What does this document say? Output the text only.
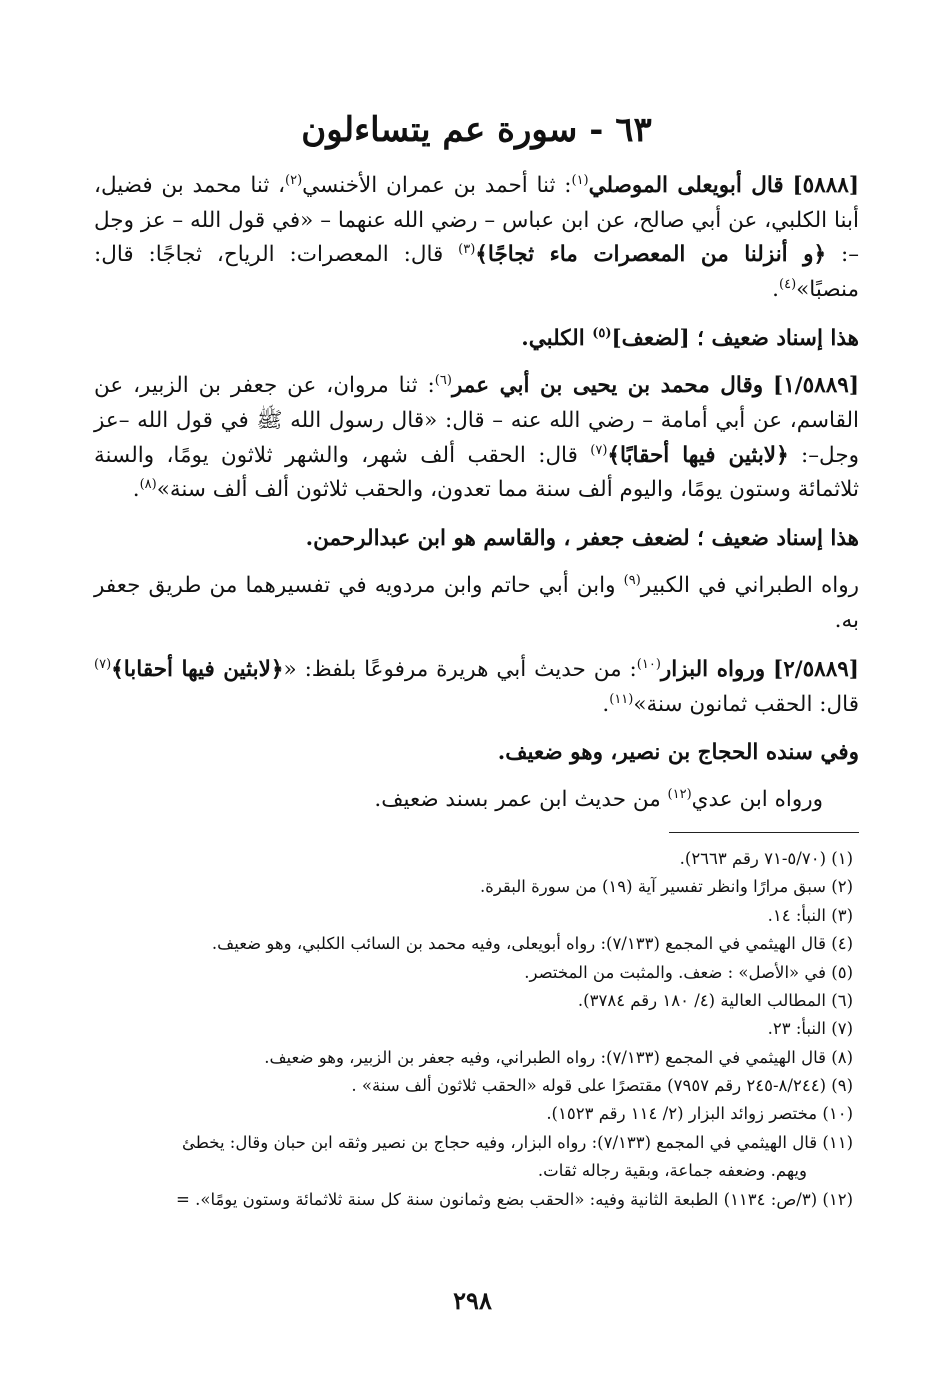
٦٣ - سورة عم يتساءلون

[٥٨٨٨] قال أبويعلى الموصلي$^{(١)}$: ثنا أحمد بن عمران الأخنسي$^{(٢)}$، ثنا محمد بن فضيل، أبنا الكلبي، عن أبي صالح، عن ابن عباس – رضي الله عنهما – «في قول الله – عز وجل –: ﴿و أنزلنا من المعصرات ماء ثجاجًا﴾$^{(٣)}$ قال: المعصرات: الرياح، ثجاجًا: قال: منصبًا»$^{(٤)}$.

هذا إسناد ضعيف ؛ [لضعف]$^{(٥)}$ الكلبي.

[١/٥٨٨٩] وقال محمد بن يحيى بن أبي عمر$^{(٦)}$: ثنا مروان، عن جعفر بن الزبير، عن القاسم، عن أبي أمامة – رضي الله عنه – قال: «قال رسول الله ﷺ في قول الله –عز وجل–: ﴿لابثين فيها أحقابًا﴾$^{(٧)}$ قال: الحقب ألف شهر، والشهر ثلاثون يومًا، والسنة ثلاثمائة وستون يومًا، واليوم ألف سنة مما تعدون، والحقب ثلاثون ألف ألف سنة»$^{(٨)}$.

هذا إسناد ضعيف ؛ لضعف جعفر ، والقاسم هو ابن عبدالرحمن.

رواه الطبراني في الكبير$^{(٩)}$ وابن أبي حاتم وابن مردويه في تفسيرهما من طريق جعفر به.

[٢/٥٨٨٩] ورواه البزار$^{(١٠)}$: من حديث أبي هريرة مرفوعًا بلفظ: «﴿لابثين فيها أحقابا﴾$^{(٧)}$ قال: الحقب ثمانون سنة»$^{(١١)}$.

وفي سنده الحجاج بن نصير، وهو ضعيف.

ورواه ابن عدي$^{(١٢)}$ من حديث ابن عمر بسند ضعيف.

(١) (٥/٧٠-٧١ رقم ٢٦٦٣).

(٢) سبق مرارًا وانظر تفسير آية (١٩) من سورة البقرة.

(٣) النبأ: ١٤.

(٤) قال الهيثمي في المجمع (٧/١٣٣): رواه أبويعلى، وفيه محمد بن السائب الكلبي، وهو ضعيف.

(٥) في «الأصل» : ضعف. والمثبت من المختصر.

(٦) المطالب العالية (٤/ ١٨٠ رقم ٣٧٨٤).

(٧) النبأ: ٢٣.

(٨) قال الهيثمي في المجمع (٧/١٣٣): رواه الطبراني، وفيه جعفر بن الزبير، وهو ضعيف.

(٩) (٨/٢٤٤-٢٤٥ رقم ٧٩٥٧) مقتصرًا على قوله «الحقب ثلاثون ألف سنة» .

(١٠) مختصر زوائد البزار (٢/ ١١٤ رقم ١٥٢٣).

(١١) قال الهيثمي في المجمع (٧/١٣٣): رواه البزار، وفيه حجاج بن نصير وثقه ابن حبان وقال: يخطئ

ويهم. وضعفه جماعة، وبقية رجاله ثقات.

(١٢) (٣/ص: ١١٣٤) الطبعة الثانية وفيه: «الحقب بضع وثمانون سنة كل سنة ثلاثمائة وستون يومًا». =

٢٩٨
